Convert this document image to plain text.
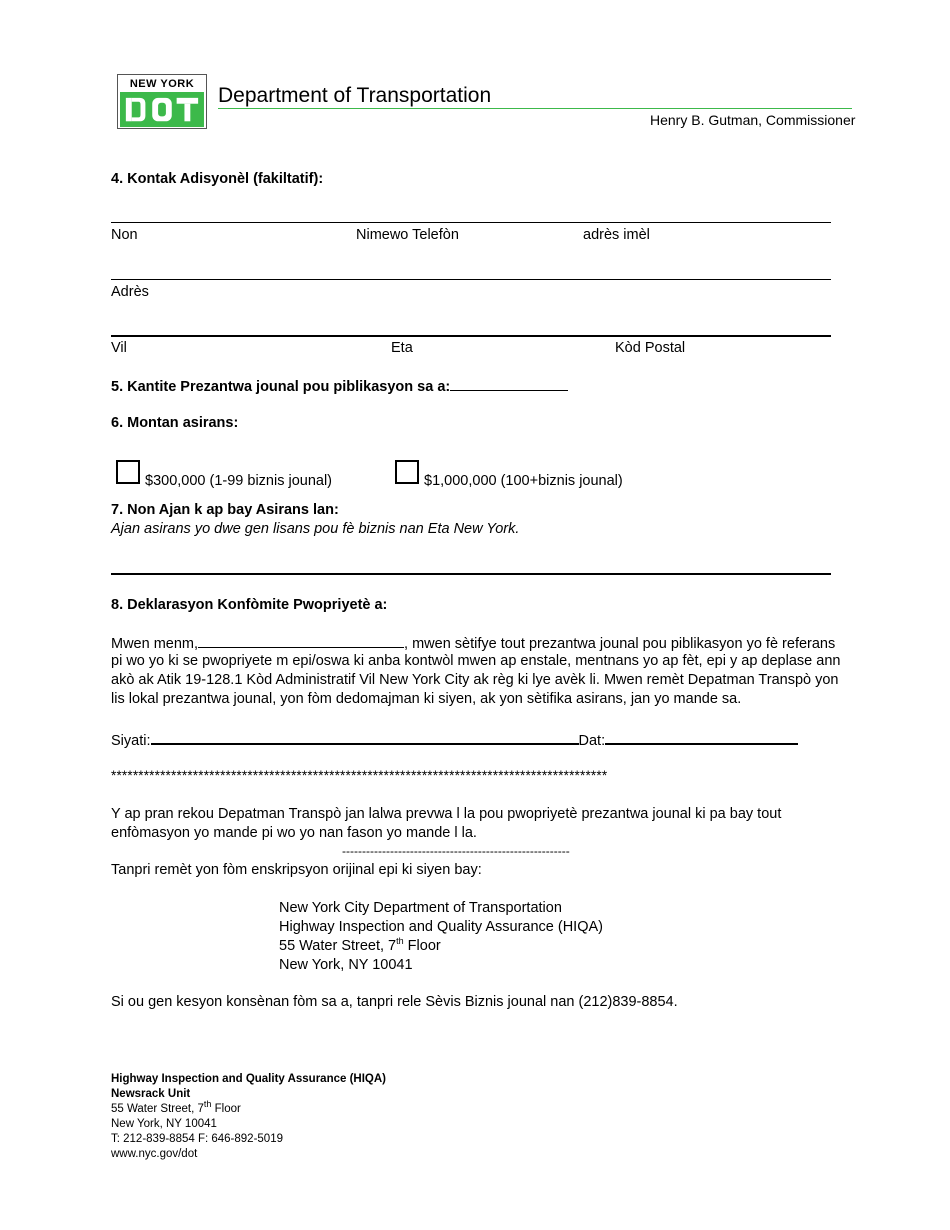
NEW YORK	Department of Transportation
Henry B. Gutman, Commissioner
4. Kontak Adisyonèl (fakiltatif):
Non	Nimewo Telefòn	adrès imèl
Adrès
Vil	Eta	Kòd Postal
5. Kantite Prezantwa jounal pou piblikasyon sa a:
6. Montan asirans:
$300,000 (1-99 biznis jounal)	$1,000,000 (100+biznis jounal)
7. Non Ajan k ap bay Asirans lan:
Ajan asirans yo dwe gen lisans pou fè biznis nan Eta New York.
8. Deklarasyon Konfòmite Pwopriyetè a:
Mwen menm,	, mwen sètifye tout prezantwa jounal pou piblikasyon yo fè referans
pi wo yo ki se pwopriyete m epi/oswa ki anba kontwòl mwen ap enstale, mentnans yo ap fèt, epi y ap deplase ann
akò ak Atik 19-128.1 Kòd Administratif Vil New York City ak règ ki lye avèk li. Mwen remèt Depatman Transpò yon
lis lokal prezantwa jounal, yon fòm dedomajman ki siyen, ak yon sètifika asirans, jan yo mande sa.
Siyati:	Dat:
*******************************************************************************************
Y ap pran rekou Depatman Transpò jan lalwa prevwa l la pou pwopriyetè prezantwa jounal ki pa bay tout
enfòmasyon yo mande pi wo yo nan fason yo mande l la.
---------------------------------------------------------
Tanpri remèt yon fòm enskripsyon orijinal epi ki siyen bay:
New York City Department of Transportation
Highway Inspection and Quality Assurance (HIQA)
55 Water Street, 7th Floor
New York, NY 10041
Si ou gen kesyon konsènan fòm sa a, tanpri rele Sèvis Biznis jounal nan (212)839-8854.
Highway Inspection and Quality Assurance (HIQA)
Newsrack Unit
55 Water Street, 7th Floor
New York, NY 10041
T: 212-839-8854 F: 646-892-5019
www.nyc.gov/dot
